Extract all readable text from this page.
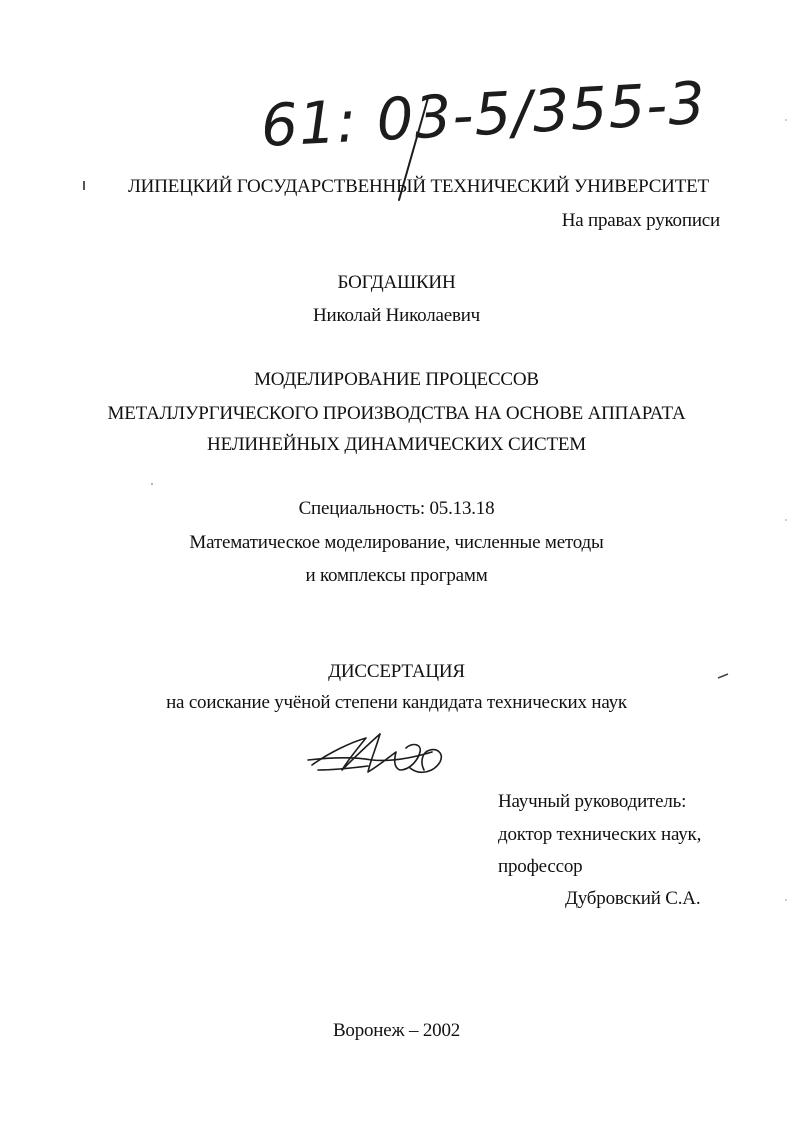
61: 03-5/355-3
ЛИПЕЦКИЙ ГОСУДАРСТВЕННЫЙ ТЕХНИЧЕСКИЙ УНИВЕРСИТЕТ
На правах рукописи
БОГДАШКИН
Николай Николаевич
МОДЕЛИРОВАНИЕ ПРОЦЕССОВ
МЕТАЛЛУРГИЧЕСКОГО ПРОИЗВОДСТВА НА ОСНОВЕ АППАРАТА
НЕЛИНЕЙНЫХ ДИНАМИЧЕСКИХ СИСТЕМ
Специальность: 05.13.18
Математическое моделирование, численные методы
и комплексы программ
ДИССЕРТАЦИЯ
на соискание учёной степени кандидата технических наук
Научный руководитель:
доктор технических наук,
профессор
Дубровский С.А.
Воронеж – 2002
